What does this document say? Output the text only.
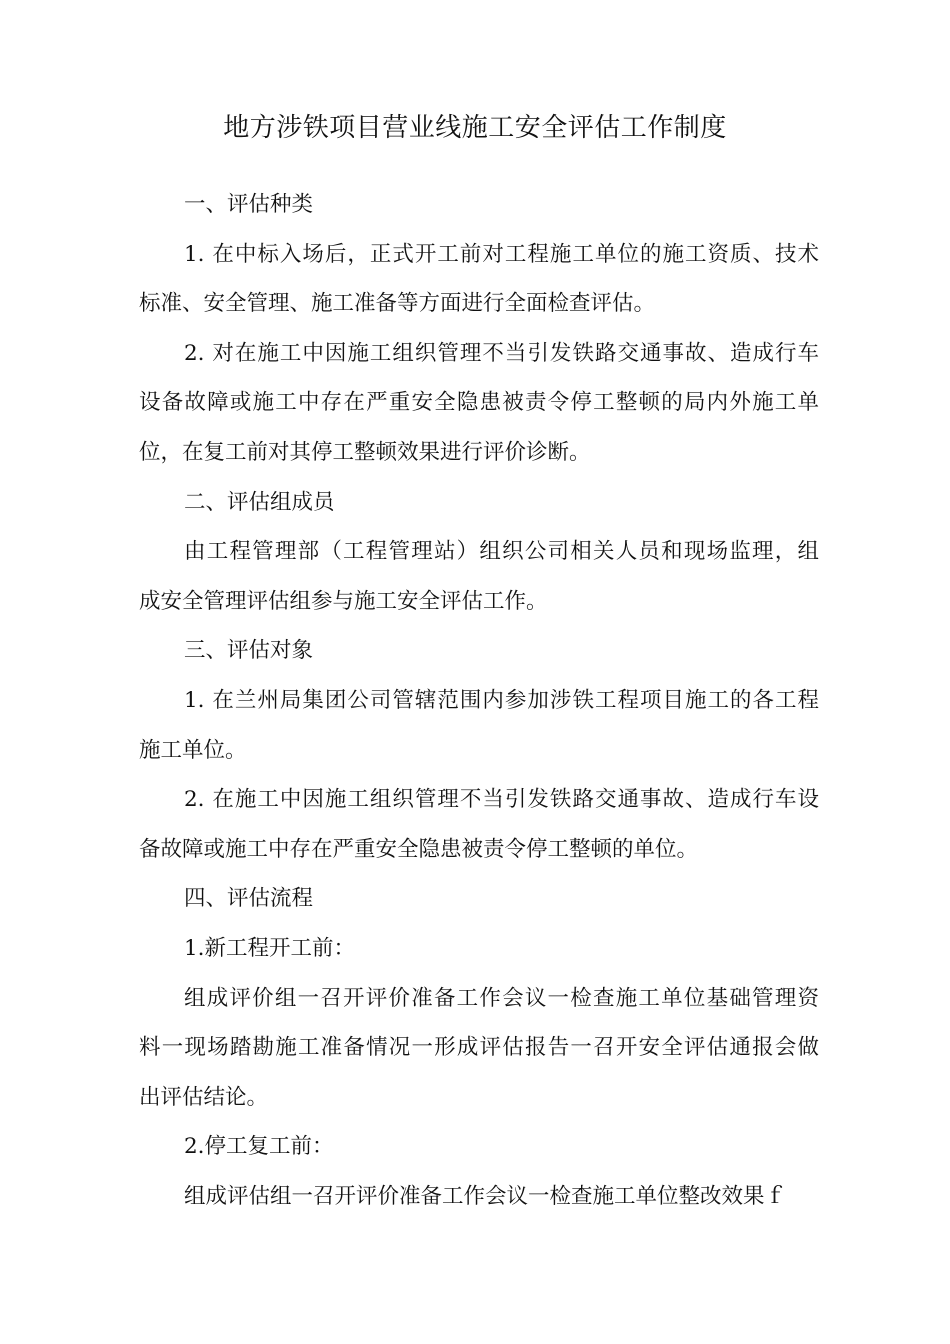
地方涉铁项目营业线施工安全评估工作制度
一、评估种类
1. 在中标入场后，正式开工前对工程施工单位的施工资质、技术
标准、安全管理、施工准备等方面进行全面检查评估。
2. 对在施工中因施工组织管理不当引发铁路交通事故、造成行车
设备故障或施工中存在严重安全隐患被责令停工整顿的局内外施工单
位，在复工前对其停工整顿效果进行评价诊断。
二、评估组成员
由工程管理部（工程管理站）组织公司相关人员和现场监理，组
成安全管理评估组参与施工安全评估工作。
三、评估对象
1. 在兰州局集团公司管辖范围内参加涉铁工程项目施工的各工程
施工单位。
2. 在施工中因施工组织管理不当引发铁路交通事故、造成行车设
备故障或施工中存在严重安全隐患被责令停工整顿的单位。
四、评估流程
1.新工程开工前：
组成评价组一召开评价准备工作会议一检查施工单位基础管理资
料一现场踏勘施工准备情况一形成评估报告一召开安全评估通报会做
出评估结论。
2.停工复工前：
组成评估组一召开评价准备工作会议一检查施工单位整改效果ｆ
